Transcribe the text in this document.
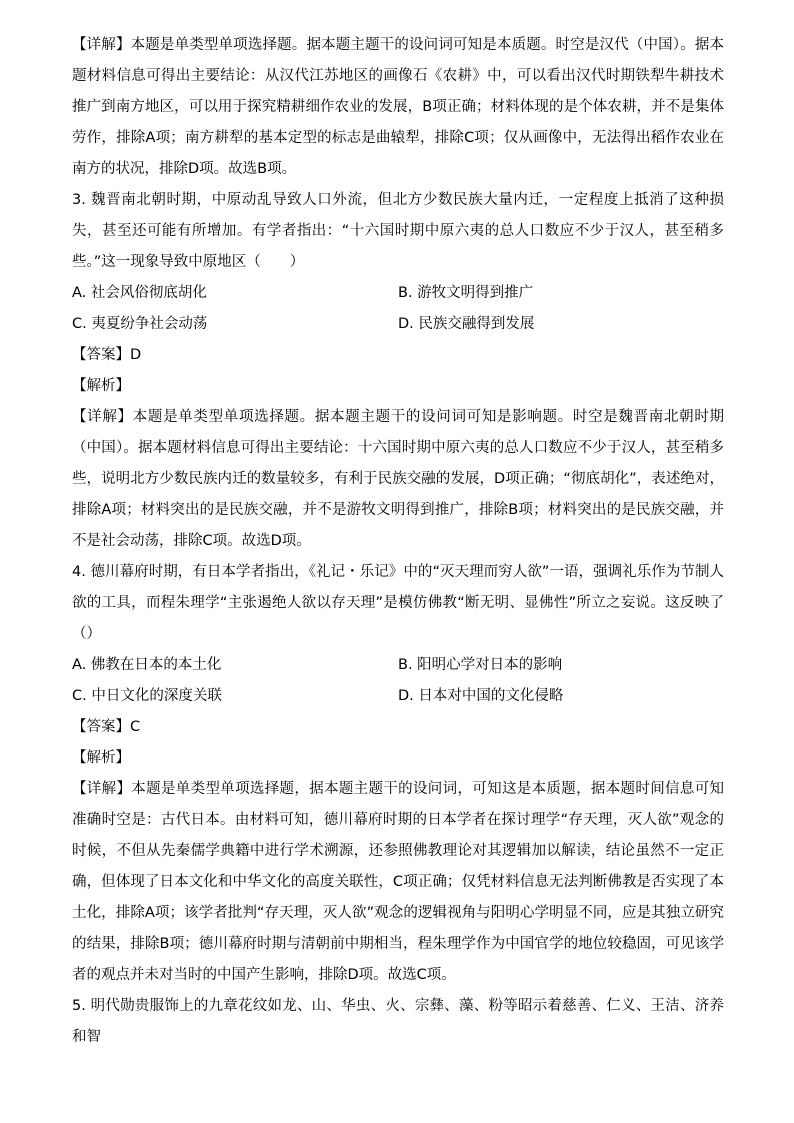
【详解】本题是单类型单项选择题。据本题主题干的设问词可知是本质题。时空是汉代（中国）。据本题材料信息可得出主要结论：从汉代江苏地区的画像石《农耕》中，可以看出汉代时期铁犁牛耕技术推广到南方地区，可以用于探究精耕细作农业的发展，B项正确；材料体现的是个体农耕，并不是集体劳作，排除A项；南方耕犁的基本定型的标志是曲辕犁，排除C项；仅从画像中，无法得出稻作农业在南方的状况，排除D项。故选B项。

3. 魏晋南北朝时期，中原动乱导致人口外流，但北方少数民族大量内迁，一定程度上抵消了这种损失，甚至还可能有所增加。有学者指出：“十六国时期中原六夷的总人口数应不少于汉人，甚至稍多些。”这一现象导致中原地区（　　）

A. 社会风俗彻底胡化	B. 游牧文明得到推广
C. 夷夏纷争社会动荡	D. 民族交融得到发展
【答案】D
【解析】

【详解】本题是单类型单项选择题。据本题主题干的设问词可知是影响题。时空是魏晋南北朝时期（中国）。据本题材料信息可得出主要结论：十六国时期中原六夷的总人口数应不少于汉人，甚至稍多些，说明北方少数民族内迁的数量较多，有利于民族交融的发展，D项正确；“彻底胡化”，表述绝对，排除A项；材料突出的是民族交融，并不是游牧文明得到推广，排除B项；材料突出的是民族交融，并不是社会动荡，排除C项。故选D项。

4. 德川幕府时期，有日本学者指出，《礼记・乐记》中的“灭天理而穷人欲”一语，强调礼乐作为节制人欲的工具，而程朱理学“主张遏绝人欲以存天理”是模仿佛教“断无明、显佛性”所立之妄说。这反映了（）

A. 佛教在日本的本土化	B. 阳明心学对日本的影响
C. 中日文化的深度关联	D. 日本对中国的文化侵略
【答案】C
【解析】

【详解】本题是单类型单项选择题，据本题主题干的设问词，可知这是本质题，据本题时间信息可知准确时空是：古代日本。由材料可知，德川幕府时期的日本学者在探讨理学“存天理，灭人欲”观念的时候，不但从先秦儒学典籍中进行学术溯源，还参照佛教理论对其逻辑加以解读，结论虽然不一定正确，但体现了日本文化和中华文化的高度关联性，C项正确；仅凭材料信息无法判断佛教是否实现了本土化，排除A项；该学者批判“存天理，灭人欲”观念的逻辑视角与阳明心学明显不同，应是其独立研究的结果，排除B项；德川幕府时期与清朝前中期相当，程朱理学作为中国官学的地位较稳固，可见该学者的观点并未对当时的中国产生影响，排除D项。故选C项。

5. 明代勋贵服饰上的九章花纹如龙、山、华虫、火、宗彝、藻、粉等昭示着慈善、仁义、王洁、济养和智
